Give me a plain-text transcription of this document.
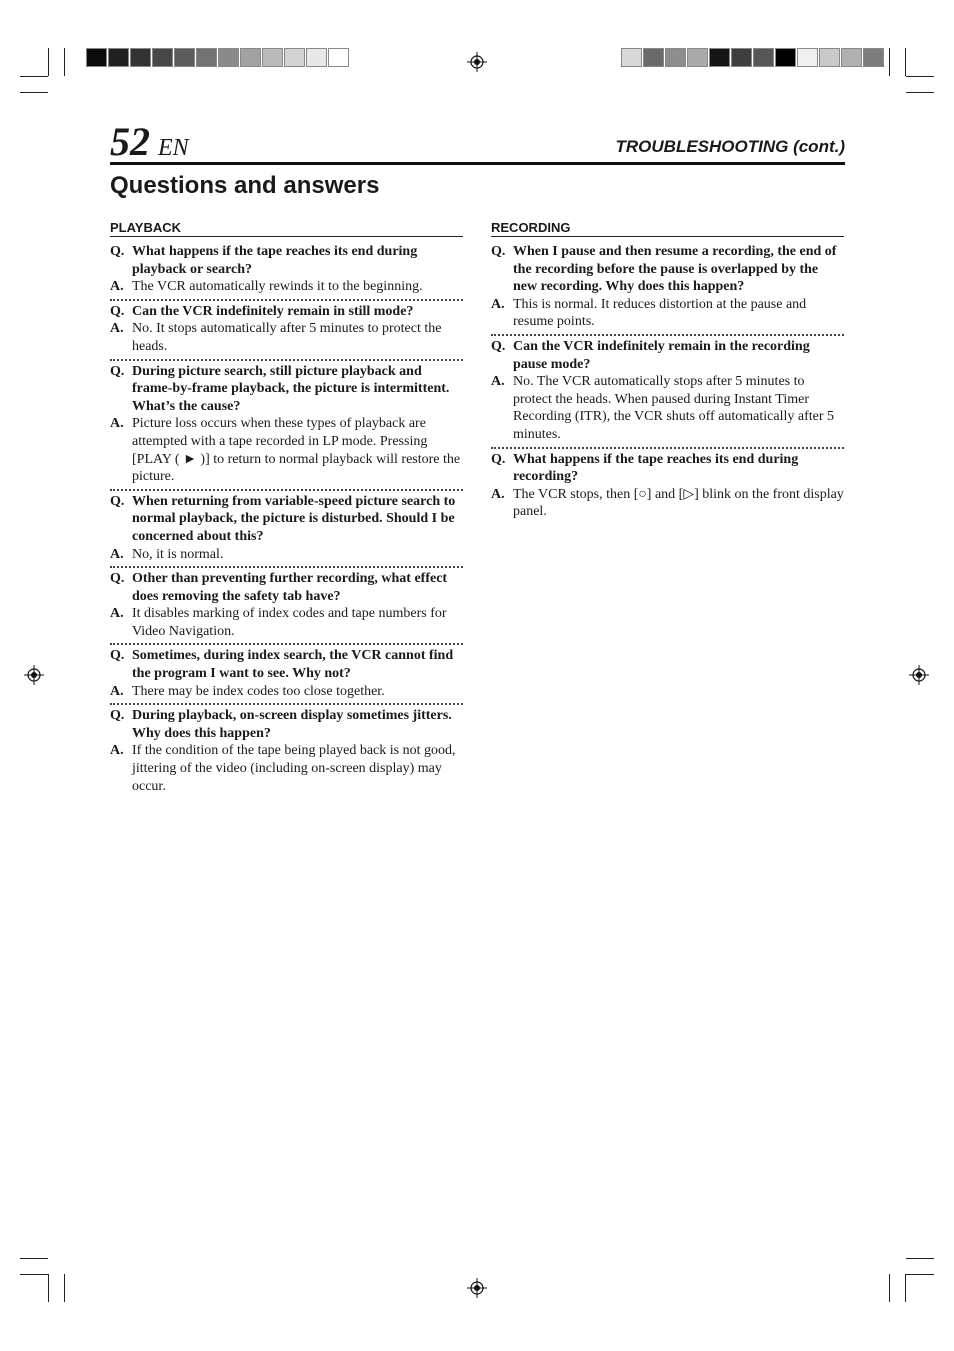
52 EN	TROUBLESHOOTING (cont.)
Questions and answers
PLAYBACK
Q. What happens if the tape reaches its end during playback or search?
A. The VCR automatically rewinds it to the beginning.
Q. Can the VCR indefinitely remain in still mode?
A. No. It stops automatically after 5 minutes to protect the heads.
Q. During picture search, still picture playback and frame-by-frame playback, the picture is intermittent. What’s the cause?
A. Picture loss occurs when these types of playback are attempted with a tape recorded in LP mode. Pressing [PLAY ( ► )] to return to normal playback will restore the picture.
Q. When returning from variable-speed picture search to normal playback, the picture is disturbed. Should I be concerned about this?
A. No, it is normal.
Q. Other than preventing further recording, what effect does removing the safety tab have?
A. It disables marking of index codes and tape numbers for Video Navigation.
Q. Sometimes, during index search, the VCR cannot find the program I want to see. Why not?
A. There may be index codes too close together.
Q. During playback, on-screen display sometimes jitters. Why does this happen?
A. If the condition of the tape being played back is not good, jittering of the video (including on-screen display) may occur.
RECORDING
Q. When I pause and then resume a recording, the end of the recording before the pause is overlapped by the new recording. Why does this happen?
A. This is normal. It reduces distortion at the pause and resume points.
Q. Can the VCR indefinitely remain in the recording pause mode?
A. No. The VCR automatically stops after 5 minutes to protect the heads. When paused during Instant Timer Recording (ITR), the VCR shuts off automatically after 5 minutes.
Q. What happens if the tape reaches its end during recording?
A. The VCR stops, then [○] and [▷] blink on the front display panel.
